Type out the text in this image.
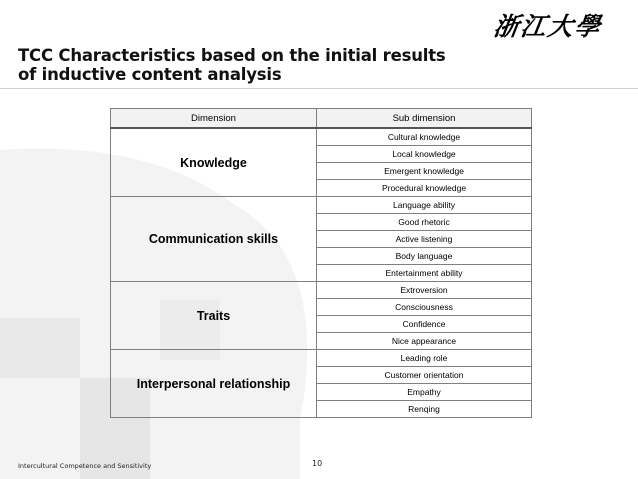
浙江大學
TCC Characteristics based on the initial results
of inductive content analysis
Dimension	Sub dimension
Knowledge	Cultural knowledge
	Local knowledge
	Emergent knowledge
	Procedural knowledge
Communication skills	Language ability
	Good rhetoric
	Active listening
	Body language
	Entertainment ability
Traits	Extroversion
	Consciousness
	Confidence
	Nice appearance
Interpersonal relationship	Leading role
	Customer orientation
	Empathy
	Renqing
Intercultural Competence and Sensitivity	10
